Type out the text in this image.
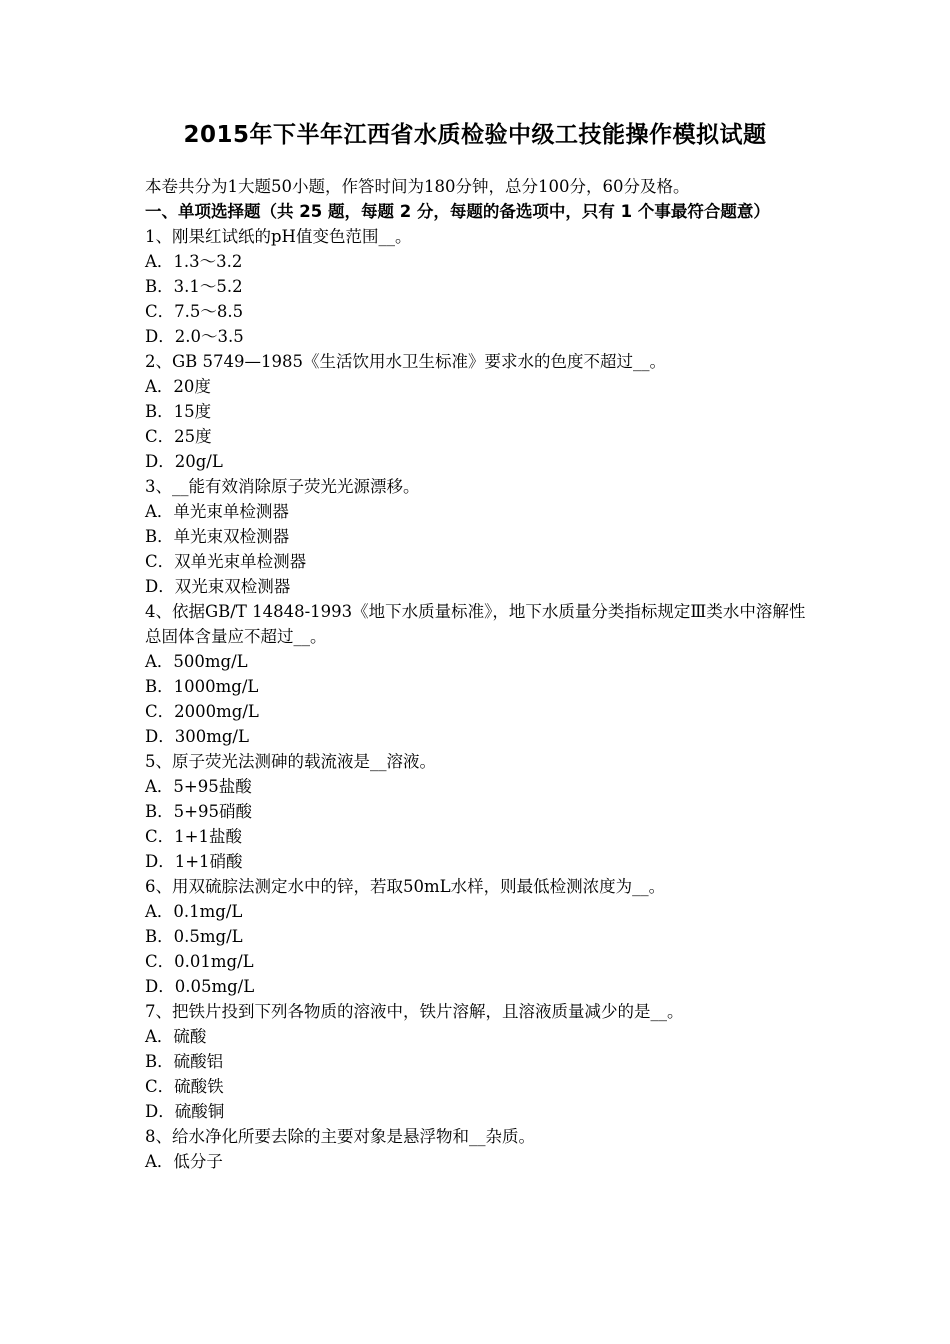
2015年下半年江西省水质检验中级工技能操作模拟试题
本卷共分为1大题50小题，作答时间为180分钟，总分100分，60分及格。
一、单项选择题（共 25 题，每题 2 分，每题的备选项中，只有 1 个事最符合题意）
1、刚果红试纸的pH值变色范围__。
A．1.3～3.2
B．3.1～5.2
C．7.5～8.5
D．2.0～3.5
2、GB 5749—1985《生活饮用水卫生标准》要求水的色度不超过__。
A．20度
B．15度
C．25度
D．20g/L
3、__能有效消除原子荧光光源漂移。
A．单光束单检测器
B．单光束双检测器
C．双单光束单检测器
D．双光束双检测器
4、依据GB/T 14848-1993《地下水质量标准》，地下水质量分类指标规定Ⅲ类水中溶解性总固体含量应不超过__。
A．500mg/L
B．1000mg/L
C．2000mg/L
D．300mg/L
5、原子荧光法测砷的载流液是__溶液。
A．5+95盐酸
B．5+95硝酸
C．1+1盐酸
D．1+1硝酸
6、用双硫腙法测定水中的锌，若取50mL水样，则最低检测浓度为__。
A．0.1mg/L
B．0.5mg/L
C．0.01mg/L
D．0.05mg/L
7、把铁片投到下列各物质的溶液中，铁片溶解，且溶液质量减少的是__。
A．硫酸
B．硫酸铝
C．硫酸铁
D．硫酸铜
8、给水净化所要去除的主要对象是悬浮物和__杂质。
A．低分子
